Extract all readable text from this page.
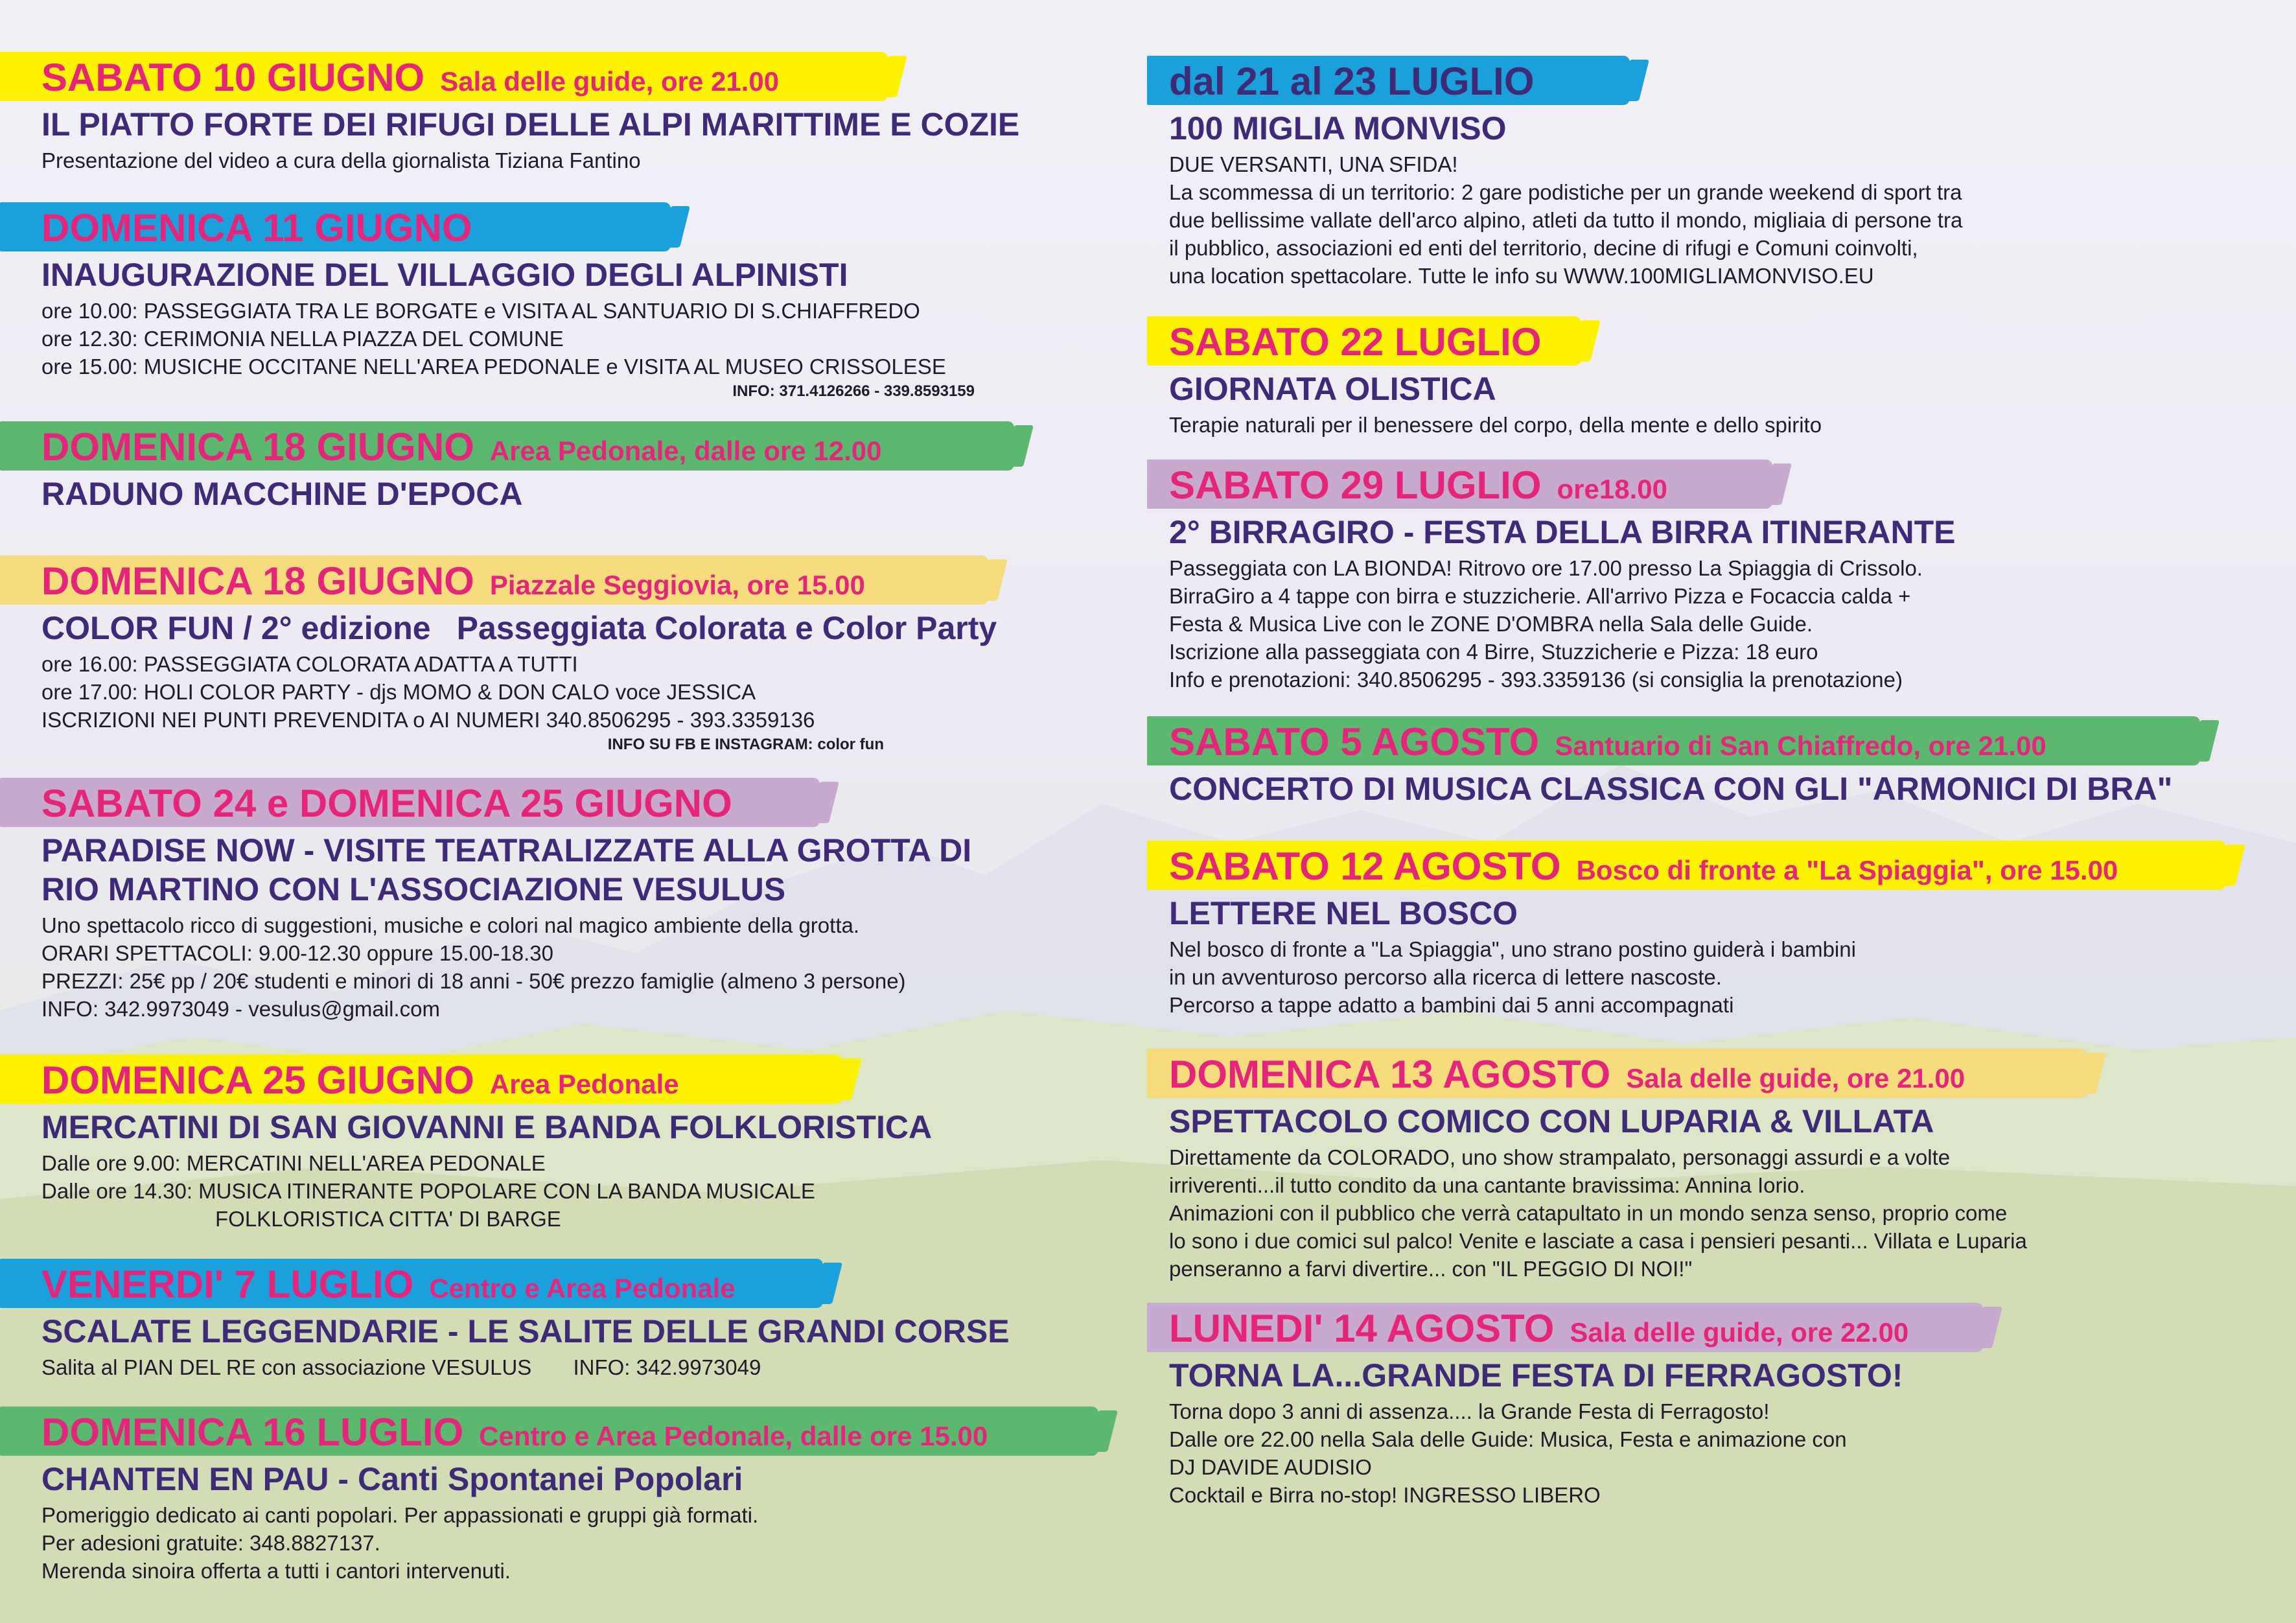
SABATO 10 GIUGNO Sala delle guide, ore 21.00
IL PIATTO FORTE DEI RIFUGI DELLE ALPI MARITTIME E COZIE
Presentazione del video a cura della giornalista Tiziana Fantino
DOMENICA 11 GIUGNO
INAUGURAZIONE DEL VILLAGGIO DEGLI ALPINISTI
ore 10.00: PASSEGGIATA TRA LE BORGATE e VISITA AL SANTUARIO DI S.CHIAFFREDO
ore 12.30: CERIMONIA NELLA PIAZZA DEL COMUNE
ore 15.00: MUSICHE OCCITANE NELL'AREA PEDONALE e VISITA AL MUSEO CRISSOLESE
INFO: 371.4126266 - 339.8593159
DOMENICA 18 GIUGNO Area Pedonale, dalle ore 12.00
RADUNO MACCHINE D'EPOCA
DOMENICA 18 GIUGNO Piazzale Seggiovia, ore 15.00
COLOR FUN / 2° edizione Passeggiata Colorata e Color Party
ore 16.00: PASSEGGIATA COLORATA ADATTA A TUTTI
ore 17.00: HOLI COLOR PARTY - djs MOMO & DON CALO voce JESSICA
ISCRIZIONI NEI PUNTI PREVENDITA o AI NUMERI 340.8506295 - 393.3359136
INFO SU FB E INSTAGRAM: color fun
SABATO 24 e DOMENICA 25 GIUGNO
PARADISE NOW - VISITE TEATRALIZZATE ALLA GROTTA DI
RIO MARTINO CON L'ASSOCIAZIONE VESULUS
Uno spettacolo ricco di suggestioni, musiche e colori nal magico ambiente della grotta.
ORARI SPETTACOLI: 9.00-12.30 oppure 15.00-18.30
PREZZI: 25€ pp / 20€ studenti e minori di 18 anni - 50€ prezzo famiglie (almeno 3 persone)
INFO: 342.9973049 - vesulus@gmail.com
DOMENICA 25 GIUGNO Area Pedonale
MERCATINI DI SAN GIOVANNI E BANDA FOLKLORISTICA
Dalle ore 9.00: MERCATINI NELL'AREA PEDONALE
Dalle ore 14.30: MUSICA ITINERANTE POPOLARE CON LA BANDA MUSICALE
FOLKLORISTICA CITTA' DI BARGE
VENERDI' 7 LUGLIO Centro e Area Pedonale
SCALATE LEGGENDARIE - LE SALITE DELLE GRANDI CORSE
Salita al PIAN DEL RE con associazione VESULUS       INFO: 342.9973049
DOMENICA 16 LUGLIO Centro e Area Pedonale, dalle ore 15.00
CHANTEN EN PAU - Canti Spontanei Popolari
Pomeriggio dedicato ai canti popolari. Per appassionati e gruppi già formati.
Per adesioni gratuite: 348.8827137.
Merenda sinoira offerta a tutti i cantori intervenuti.
dal 21 al 23 LUGLIO
100 MIGLIA MONVISO
DUE VERSANTI, UNA SFIDA!
La scommessa di un territorio: 2 gare podistiche per un grande weekend di sport tra
due bellissime vallate dell'arco alpino, atleti da tutto il mondo, migliaia di persone tra
il pubblico, associazioni ed enti del territorio, decine di rifugi e Comuni coinvolti,
una location spettacolare. Tutte le info su WWW.100MIGLIAMONVISO.EU
SABATO 22 LUGLIO
GIORNATA OLISTICA
Terapie naturali per il benessere del corpo, della mente e dello spirito
SABATO 29 LUGLIO ore18.00
2° BIRRAGIRO - FESTA DELLA BIRRA ITINERANTE
Passeggiata con LA BIONDA! Ritrovo ore 17.00 presso La Spiaggia di Crissolo.
BirraGiro a 4 tappe con birra e stuzzicherie. All'arrivo Pizza e Focaccia calda +
Festa & Musica Live con le ZONE D'OMBRA nella Sala delle Guide.
Iscrizione alla passeggiata con 4 Birre, Stuzzicherie e Pizza: 18 euro
Info e prenotazioni: 340.8506295 - 393.3359136 (si consiglia la prenotazione)
SABATO 5 AGOSTO Santuario di San Chiaffredo, ore 21.00
CONCERTO DI MUSICA CLASSICA CON GLI "ARMONICI DI BRA"
SABATO 12 AGOSTO Bosco di fronte a "La Spiaggia", ore 15.00
LETTERE NEL BOSCO
Nel bosco di fronte a "La Spiaggia", uno strano postino guiderà i bambini
in un avventuroso percorso alla ricerca di lettere nascoste.
Percorso a tappe adatto a bambini dai 5 anni accompagnati
DOMENICA 13 AGOSTO Sala delle guide, ore 21.00
SPETTACOLO COMICO CON LUPARIA & VILLATA
Direttamente da COLORADO, uno show strampalato, personaggi assurdi e a volte
irriverenti...il tutto condito da una cantante bravissima: Annina Iorio.
Animazioni con il pubblico che verrà catapultato in un mondo senza senso, proprio come
lo sono i due comici sul palco! Venite e lasciate a casa i pensieri pesanti... Villata e Luparia
penseranno a farvi divertire... con "IL PEGGIO DI NOI!"
LUNEDI' 14 AGOSTO Sala delle guide, ore 22.00
TORNA LA...GRANDE FESTA DI FERRAGOSTO!
Torna dopo 3 anni di assenza.... la Grande Festa di Ferragosto!
Dalle ore 22.00 nella Sala delle Guide: Musica, Festa e animazione con
DJ DAVIDE AUDISIO
Cocktail e Birra no-stop! INGRESSO LIBERO
